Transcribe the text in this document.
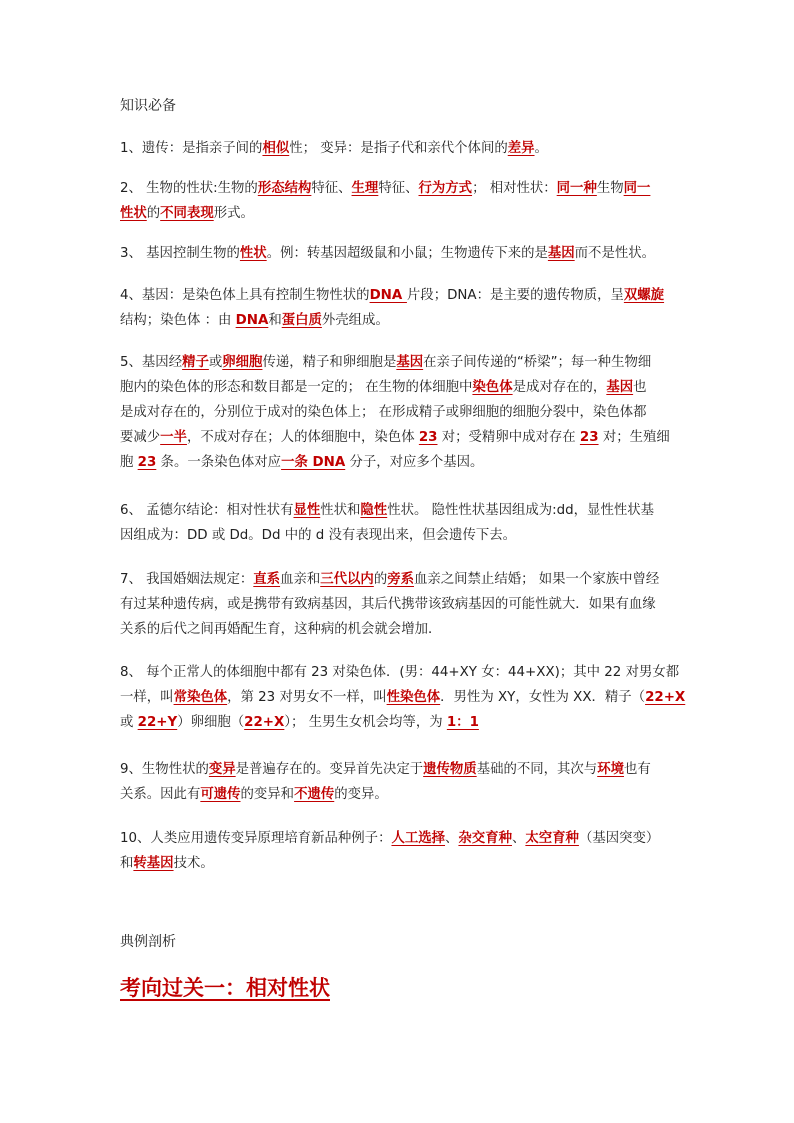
知识必备
1、遗传：是指亲子间的相似性； 变异：是指子代和亲代个体间的差异。
2、 生物的性状:生物的形态结构特征、生理特征、行为方式； 相对性状：同一种生物同一
性状的不同表现形式。
3、 基因控制生物的性状。例：转基因超级鼠和小鼠；生物遗传下来的是基因而不是性状。
4、基因：是染色体上具有控制生物性状的DNA 片段；DNA：是主要的遗传物质，呈双螺旋
结构；染色体 ：由 DNA和蛋白质外壳组成。
5、基因经精子或卵细胞传递，精子和卵细胞是基因在亲子间传递的“桥梁”；每一种生物细
胞内的染色体的形态和数目都是一定的； 在生物的体细胞中染色体是成对存在的，基因也
是成对存在的，分别位于成对的染色体上； 在形成精子或卵细胞的细胞分裂中，染色体都
要减少一半，不成对存在；人的体细胞中，染色体 23 对；受精卵中成对存在 23 对；生殖细
胞 23 条。一条染色体对应一条 DNA 分子，对应多个基因。
6、 孟德尔结论：相对性状有显性性状和隐性性状。 隐性性状基因组成为:dd，显性性状基
因组成为：DD 或 Dd。Dd 中的 d 没有表现出来，但会遗传下去。
7、 我国婚姻法规定：直系血亲和三代以内的旁系血亲之间禁止结婚； 如果一个家族中曾经
有过某种遗传病，或是携带有致病基因，其后代携带该致病基因的可能性就大．如果有血缘
关系的后代之间再婚配生育，这种病的机会就会增加．
8、 每个正常人的体细胞中都有 23 对染色体．(男：44+XY 女：44+XX)；其中 22 对男女都
一样，叫常染色体，第 23 对男女不一样，叫性染色体．男性为 XY，女性为 XX．精子（22+X
或 22+Y）卵细胞（22+X）； 生男生女机会均等，为 1：1
9、生物性状的变异是普遍存在的。变异首先决定于遗传物质基础的不同，其次与环境也有
关系。因此有可遗传的变异和不遗传的变异。
10、人类应用遗传变异原理培育新品种例子：人工选择、杂交育种、太空育种（基因突变）
和转基因技术。
典例剖析
考向过关一：相对性状
